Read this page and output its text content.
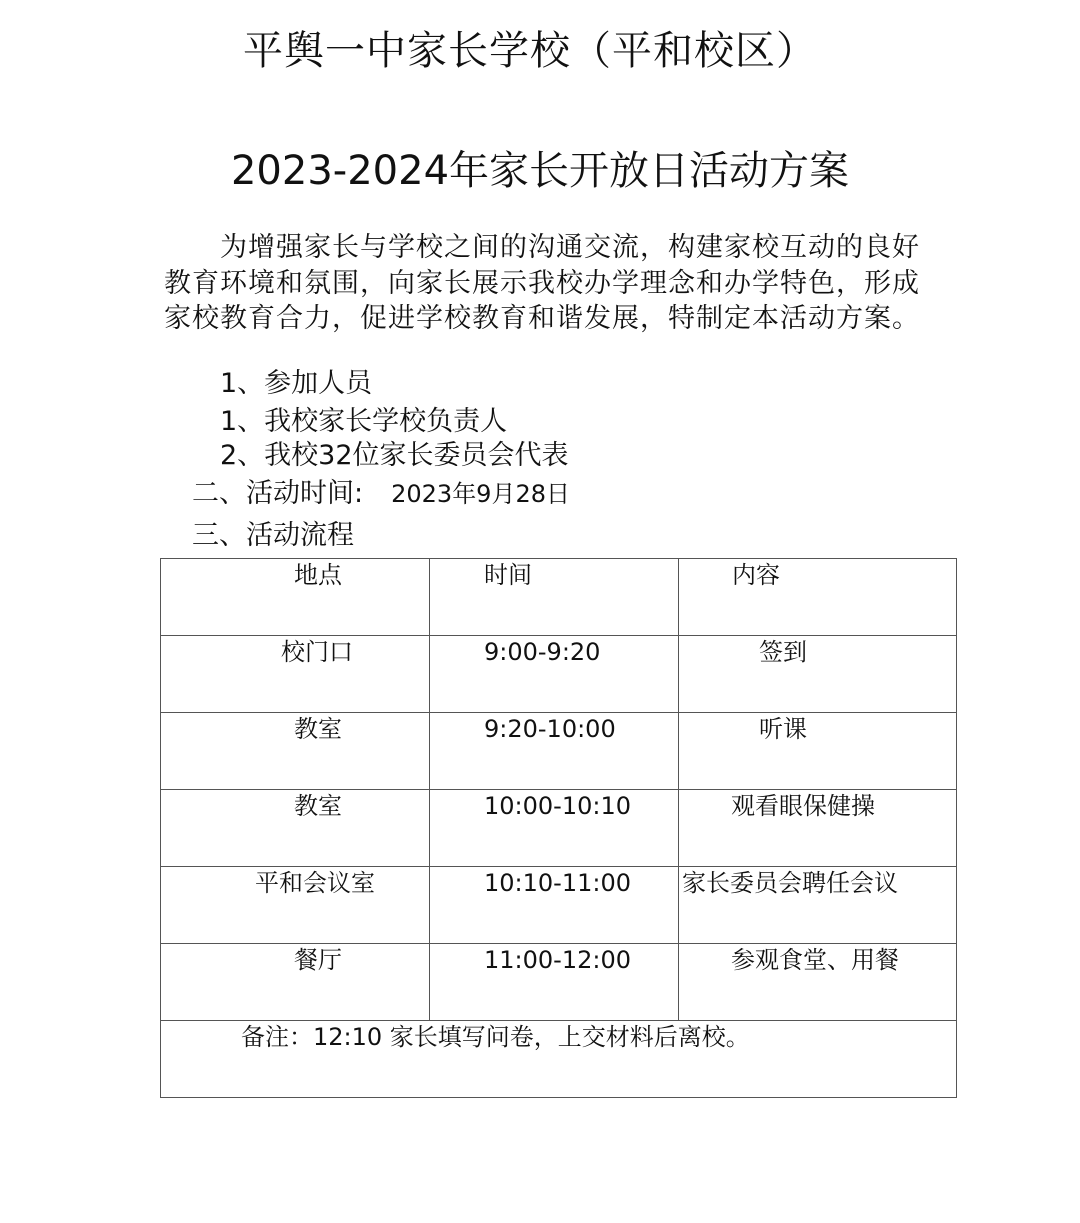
平舆一中家长学校（平和校区）
2023-2024年家长开放日活动方案

为增强家长与学校之间的沟通交流，构建家校互动的良好教育环境和氛围，向家长展示我校办学理念和办学特色，形成家校教育合力，促进学校教育和谐发展，特制定本活动方案。

1、参加人员
1、我校家长学校负责人
2、我校32位家长委员会代表
二、活动时间: 2023年9月28日
三、活动流程
地点	时间	内容
校门口	9:00-9:20	签到
教室	9:20-10:00	听课
教室	10:00-10:10	观看眼保健操
平和会议室	10:10-11:00	家长委员会聘任会议
餐厅	11:00-12:00	参观食堂、用餐
备注：12:10 家长填写问卷，上交材料后离校。		
